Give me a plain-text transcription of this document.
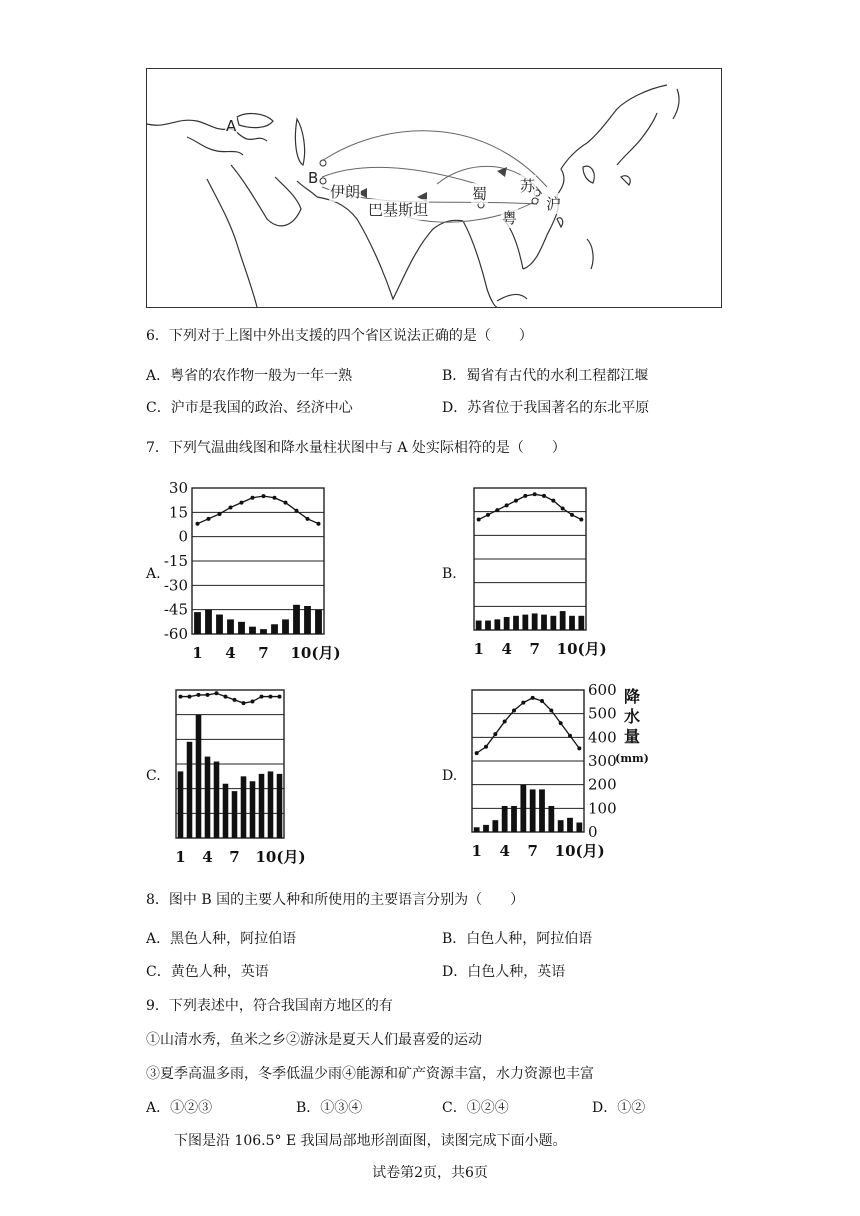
A
B
伊朗
巴基斯坦
蜀 苏
粤
沪
6．下列对于上图中外出支援的四个省区说法正确的是（　　）
A．粤省的农作物一般为一年一熟	B．蜀省有古代的水利工程都江堰
C．沪市是我国的政治、经济中心	D．苏省位于我国著名的东北平原
7．下列气温曲线图和降水量柱状图中与 A 处实际相符的是（　　）
A.	B.
C.	D.
30
15
0
-15
-30
-45
-60
1 4 7 10(月)	1 4 7 10(月)
1 4 7 10(月)
600
500
400
300
200
100
0
降
水
量
(mm)
1 4 7 10(月)
8．图中 B 国的主要人种和所使用的主要语言分别为（　　）
A．黑色人种，阿拉伯语	B．白色人种，阿拉伯语
C．黄色人种，英语	D．白色人种，英语
9．下列表述中，符合我国南方地区的有
①山清水秀，鱼米之乡②游泳是夏天人们最喜爱的运动
③夏季高温多雨，冬季低温少雨④能源和矿产资源丰富，水力资源也丰富
A．①②③	B．①③④	C．①②④	D．①②
下图是沿 106.5° E 我国局部地形剖面图，读图完成下面小题。
试卷第2页，共6页
